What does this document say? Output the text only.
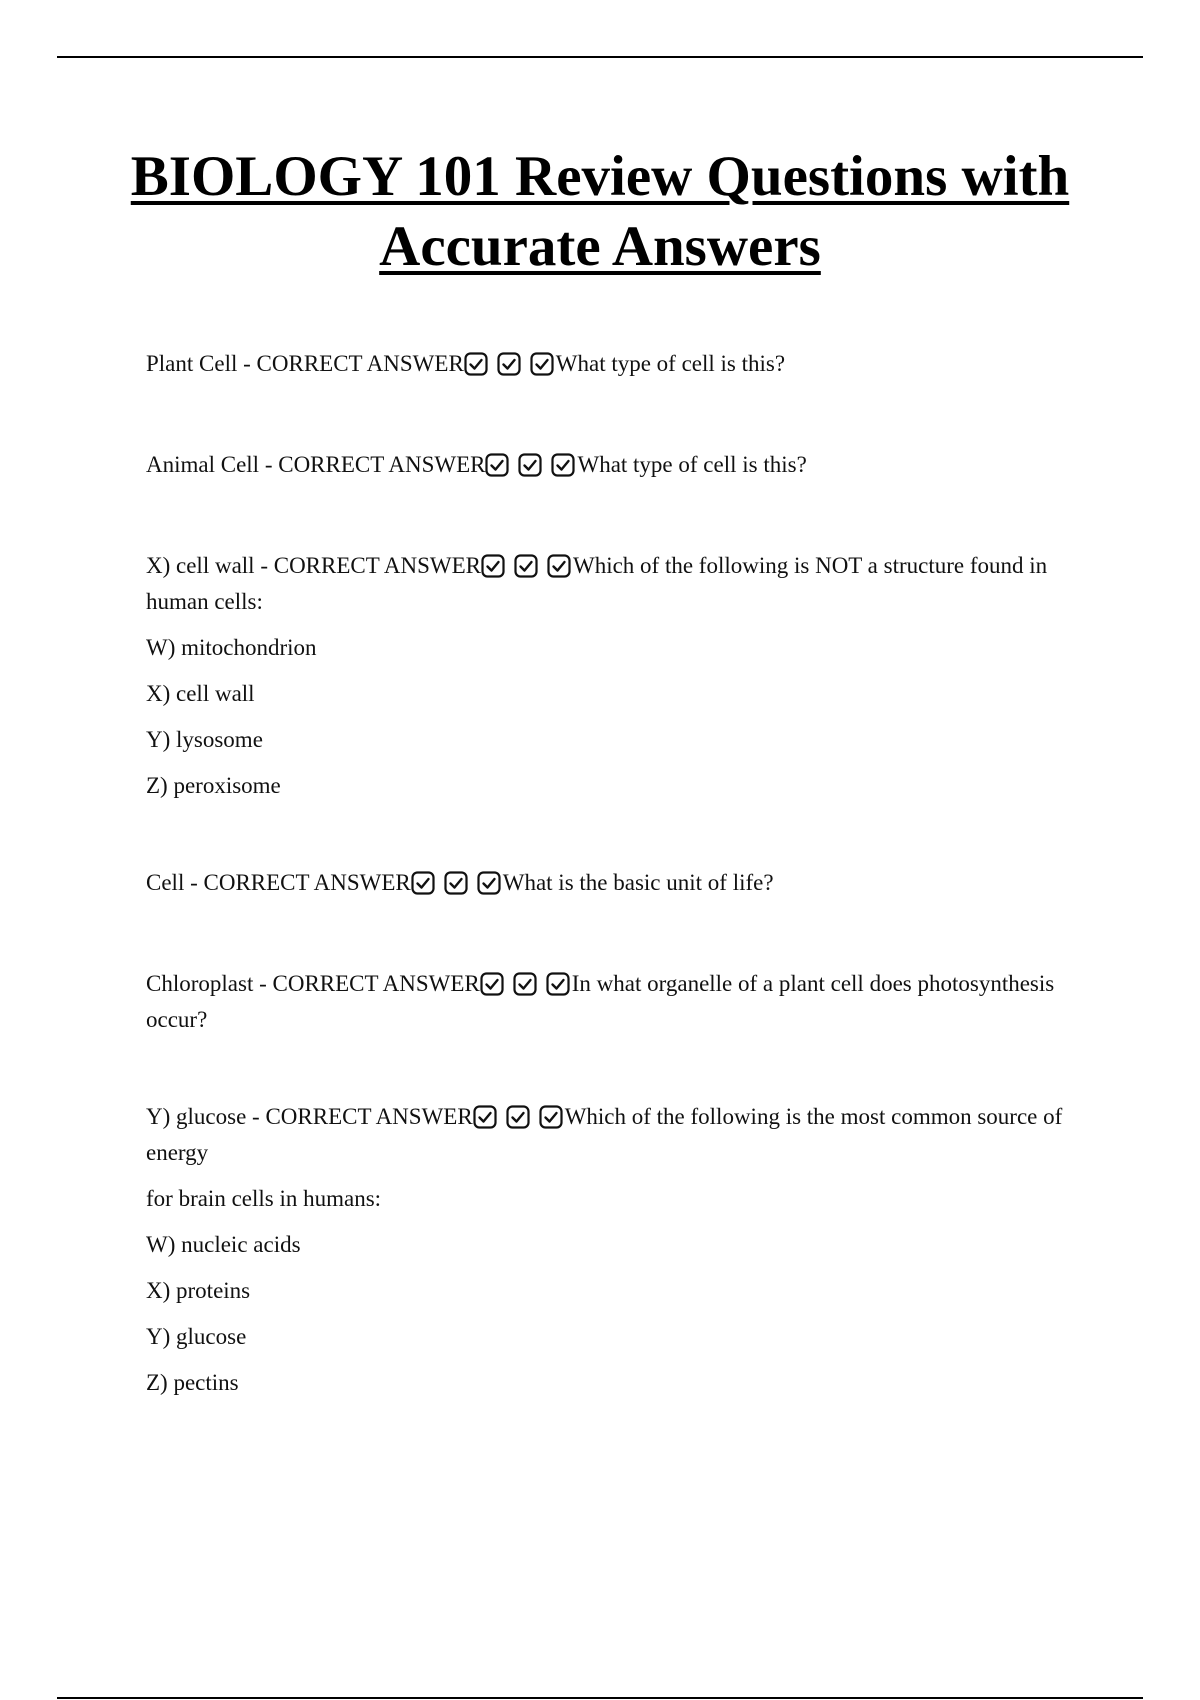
BIOLOGY 101 Review Questions with Accurate Answers

Plant Cell - CORRECT ANSWER	What type of cell is this?

Animal Cell - CORRECT ANSWER	What type of cell is this?

X) cell wall - CORRECT ANSWER	Which of the following is NOT a structure found in human cells:

W) mitochondrion

X) cell wall

Y) lysosome

Z) peroxisome

Cell - CORRECT ANSWER	What is the basic unit of life?

Chloroplast - CORRECT ANSWER	In what organelle of a plant cell does photosynthesis occur?

Y) glucose - CORRECT ANSWER	Which of the following is the most common source of energy

for brain cells in humans:

W) nucleic acids

X) proteins

Y) glucose

Z) pectins
